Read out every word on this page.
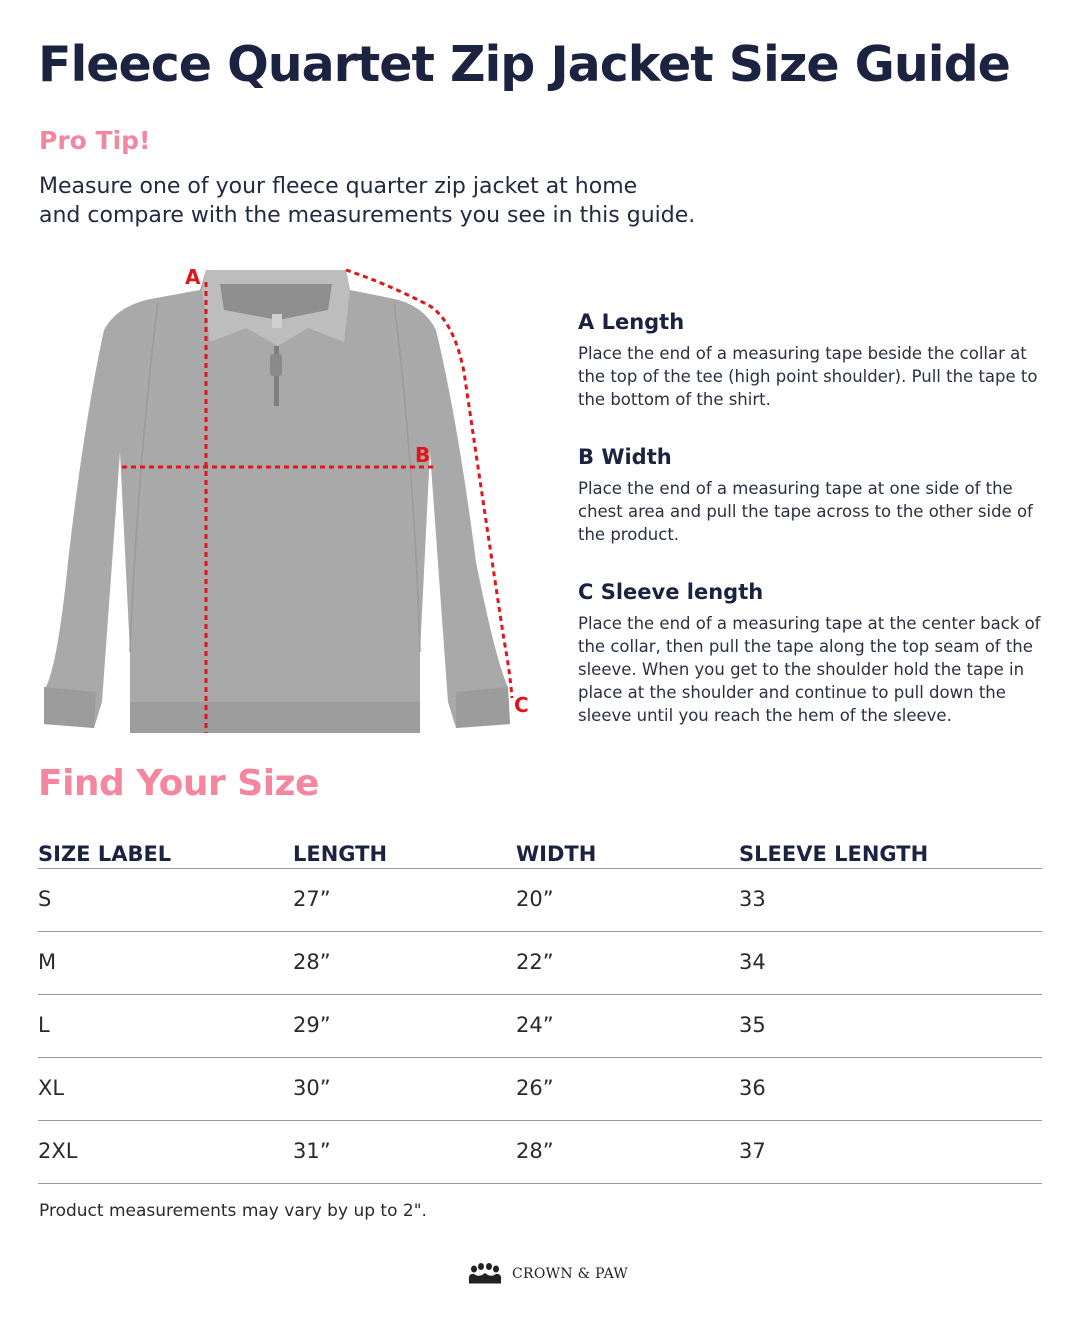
Fleece Quartet Zip Jacket Size Guide
Pro Tip!
Measure one of your fleece quarter zip jacket at home
and compare with the measurements you see in this guide.
A
B
C
A Length

Place the end of a measuring tape beside the collar at the top of the tee (high point shoulder). Pull the tape to the bottom of the shirt.

B Width

Place the end of a measuring tape at one side of the chest area and pull the tape across to the other side of the product.

C Sleeve length

Place the end of a measuring tape at the center back of the collar, then pull the tape along the top seam of the sleeve. When you get to the shoulder hold the tape in place at the shoulder and continue to pull down the sleeve until you reach the hem of the sleeve.

Find Your Size
SIZE LABEL	LENGTH	WIDTH	SLEEVE LENGTH
S	27”	20”	33
M	28”	22”	34
L	29”	24”	35
XL	30”	26”	36
2XL	31”	28”	37
Product measurements may vary by up to 2".
CROWN & PAW
